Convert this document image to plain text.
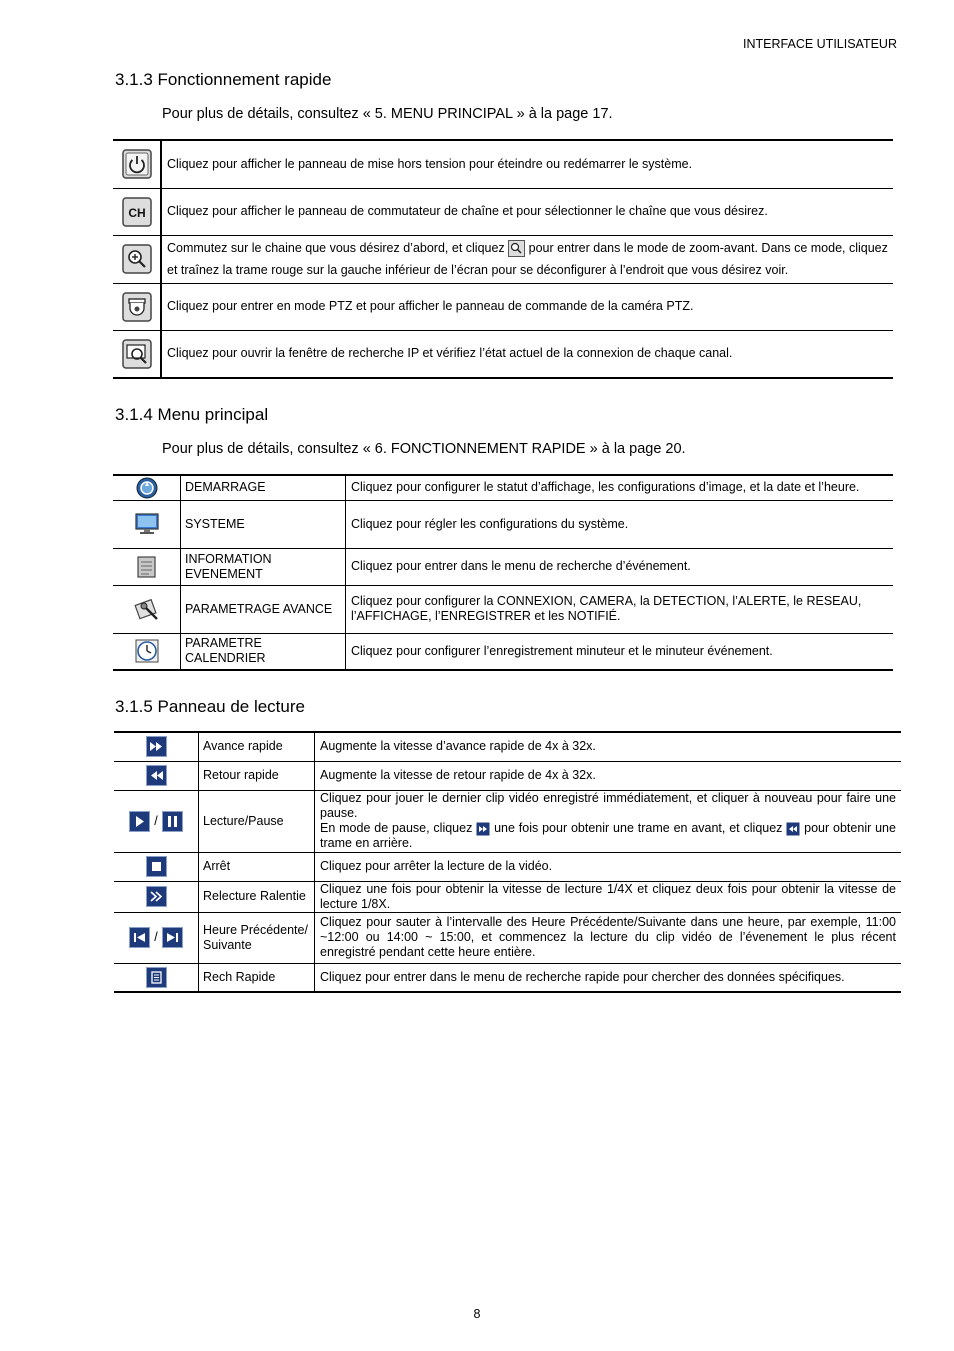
INTERFACE UTILISATEUR
3.1.3 Fonctionnement rapide
Pour plus de détails, consultez « 5. MENU PRINCIPAL » à la page 17.
	Cliquez pour afficher le panneau de mise hors tension pour éteindre ou redémarrer le système.

CH	Cliquez pour afficher le panneau de commutateur de chaîne et pour sélectionner le chaîne que vous désirez.
	Commutez sur le chaine que vous désirez d’abord, et cliquez pour entrer dans le mode de zoom-avant. Dans ce mode, cliquez et traînez la trame rouge sur la gauche inférieur de l’écran pour se déconfigurer à l’endroit que vous désirez voir.
	Cliquez pour entrer en mode PTZ et pour afficher le panneau de commande de la caméra PTZ.
	Cliquez pour ouvrir la fenêtre de recherche IP et vérifiez l’état actuel de la connexion de chaque canal.
3.1.4 Menu principal
Pour plus de détails, consultez « 6. FONCTIONNEMENT RAPIDE » à la page 20.
	DEMARRAGE	Cliquez pour configurer le statut d’affichage, les configurations d’image, et la date et l’heure.
	SYSTEME	Cliquez pour régler les configurations du système.

INFORMATION
EVENEMENT	Cliquez pour entrer dans le menu de recherche d’événement.
	PARAMETRAGE AVANCE	Cliquez pour configurer la CONNEXION, CAMERA, la DETECTION, l’ALERTE, le RESEAU,
l’AFFICHAGE, l’ENREGISTRER et les NOTIFIÉ.

PARAMETRE
CALENDRIER	Cliquez pour configurer l’enregistrement minuteur et le minuteur événement.
3.1.5 Panneau de lecture
	Avance rapide	Augmente la vitesse d’avance rapide de 4x à 32x.
	Retour rapide	Augmente la vitesse de retour rapide de 4x à 32x.
/	Lecture/Pause	Cliquez pour jouer le dernier clip vidéo enregistré immédiatement, et cliquer à nouveau pour faire une pause.
En mode de pause, cliquez une fois pour obtenir une trame en avant, et cliquez pour obtenir une trame en arrière.

	Arrêt	Cliquez pour arrêter la lecture de la vidéo.
	Relecture Ralentie	Cliquez une fois pour obtenir la vitesse de lecture 1/4X et cliquez deux fois pour obtenir la vitesse de lecture 1/8X.
/	Heure Précédente/
Suivante	Cliquez pour sauter à l’intervalle des Heure Précédente/Suivante dans une heure, par exemple, 11:00 ~12:00 ou 14:00 ~ 15:00, et commencez la lecture du clip vidéo de l’évenement le plus récent enregistré pendant cette heure entière.
	Rech Rapide	Cliquez pour entrer dans le menu de recherche rapide pour chercher des données spécifiques.
8
